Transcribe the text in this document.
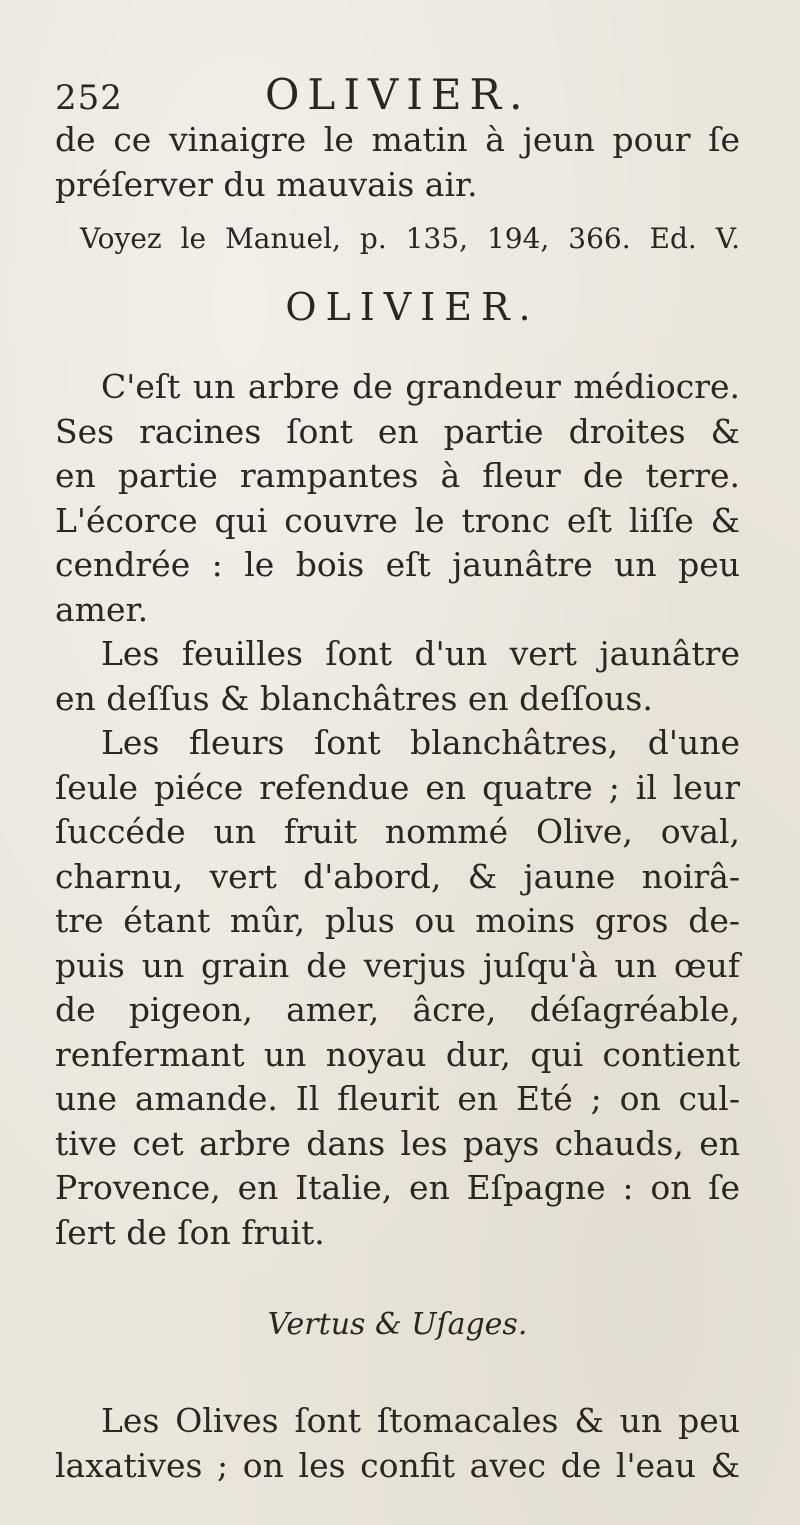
252	OLIVIER.
de ce vinaigre le matin à jeun pour ſe
préſerver du mauvais air.
Voyez le Manuel, p. 135, 194, 366. Ed. V.
OLIVIER.
C'eſt un arbre de grandeur médiocre.
Ses racines ſont en partie droites &
en partie rampantes à fleur de terre.
L'écorce qui couvre le tronc eſt liſſe &
cendrée : le bois eſt jaunâtre un peu
amer.
Les feuilles ſont d'un vert jaunâtre
en deſſus & blanchâtres en deſſous.
Les fleurs ſont blanchâtres, d'une
ſeule piéce refendue en quatre ; il leur
ſuccéde un fruit nommé Olive, oval,
charnu, vert d'abord, & jaune noirâ-
tre étant mûr, plus ou moins gros de-
puis un grain de verjus juſqu'à un œuf
de pigeon, amer, âcre, déſagréable,
renfermant un noyau dur, qui contient
une amande. Il fleurit en Eté ; on cul-
tive cet arbre dans les pays chauds, en
Provence, en Italie, en Eſpagne : on ſe
ſert de ſon fruit.
Vertus & Uſages.
Les Olives ſont ſtomacales & un peu
laxatives ; on les confit avec de l'eau &
